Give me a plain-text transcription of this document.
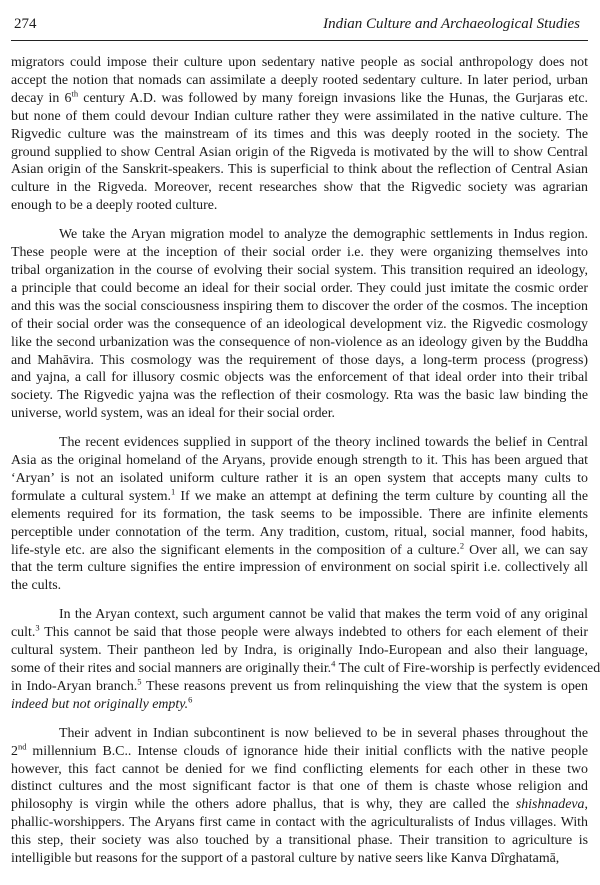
274	Indian Culture and Archaeological Studies

migrators could impose their culture upon sedentary native people as social anthropology does not
accept the notion that nomads can assimilate a deeply rooted sedentary culture. In later period, urban
decay in 6th century A.D. was followed by many foreign invasions like the Hunas, the Gurjaras etc.
but none of them could devour Indian culture rather they were assimilated in the native culture. The
Rigvedic culture was the mainstream of its times and this was deeply rooted in the society. The
ground supplied to show Central Asian origin of the Rigveda is motivated by the will to show Central
Asian origin of the Sanskrit-speakers. This is superficial to think about the reflection of Central Asian
culture in the Rigveda. Moreover, recent researches show that the Rigvedic society was agrarian
enough to be a deeply rooted culture.

We take the Aryan migration model to analyze the demographic settlements in Indus region.
These people were at the inception of their social order i.e. they were organizing themselves into
tribal organization in the course of evolving their social system. This transition required an ideology,
a principle that could become an ideal for their social order. They could just imitate the cosmic order
and this was the social consciousness inspiring them to discover the order of the cosmos. The inception
of their social order was the consequence of an ideological development viz. the Rigvedic cosmology
like the second urbanization was the consequence of non-violence as an ideology given by the Buddha
and Mahāvira. This cosmology was the requirement of those days, a long-term process (progress)
and yajna, a call for illusory cosmic objects was the enforcement of that ideal order into their tribal
society. The Rigvedic yajna was the reflection of their cosmology. Rta was the basic law binding the
universe, world system, was an ideal for their social order.

The recent evidences supplied in support of the theory inclined towards the belief in Central
Asia as the original homeland of the Aryans, provide enough strength to it. This has been argued that
‘Aryan’ is not an isolated uniform culture rather it is an open system that accepts many cults to
formulate a cultural system.$^1$ If we make an attempt at defining the term culture by counting all the
elements required for its formation, the task seems to be impossible. There are infinite elements
perceptible under connotation of the term. Any tradition, custom, ritual, social manner, food habits,
life-style etc. are also the significant elements in the composition of a culture.$^2$ Over all, we can say
that the term culture signifies the entire impression of environment on social spirit i.e. collectively all
the cults.

In the Aryan context, such argument cannot be valid that makes the term void of any original
cult.$^3$ This cannot be said that those people were always indebted to others for each element of their
cultural system. Their pantheon led by Indra, is originally Indo-European and also their language,
some of their rites and social manners are originally their.$^4$ The cult of Fire-worship is perfectly evidenced
in Indo-Aryan branch.$^5$ These reasons prevent us from relinquishing the view that the system is open
indeed but not originally empty.$^6$

Their advent in Indian subcontinent is now believed to be in several phases throughout the
2nd millennium B.C.. Intense clouds of ignorance hide their initial conflicts with the native people
however, this fact cannot be denied for we find conflicting elements for each other in these two
distinct cultures and the most significant factor is that one of them is chaste whose religion and
philosophy is virgin while the others adore phallus, that is why, they are called the shishnadeva,
phallic-worshippers. The Aryans first came in contact with the agriculturalists of Indus villages. With
this step, their society was also touched by a transitional phase. Their transition to agriculture is
intelligible but reasons for the support of a pastoral culture by native seers like Kanva Dîrghatamā,
